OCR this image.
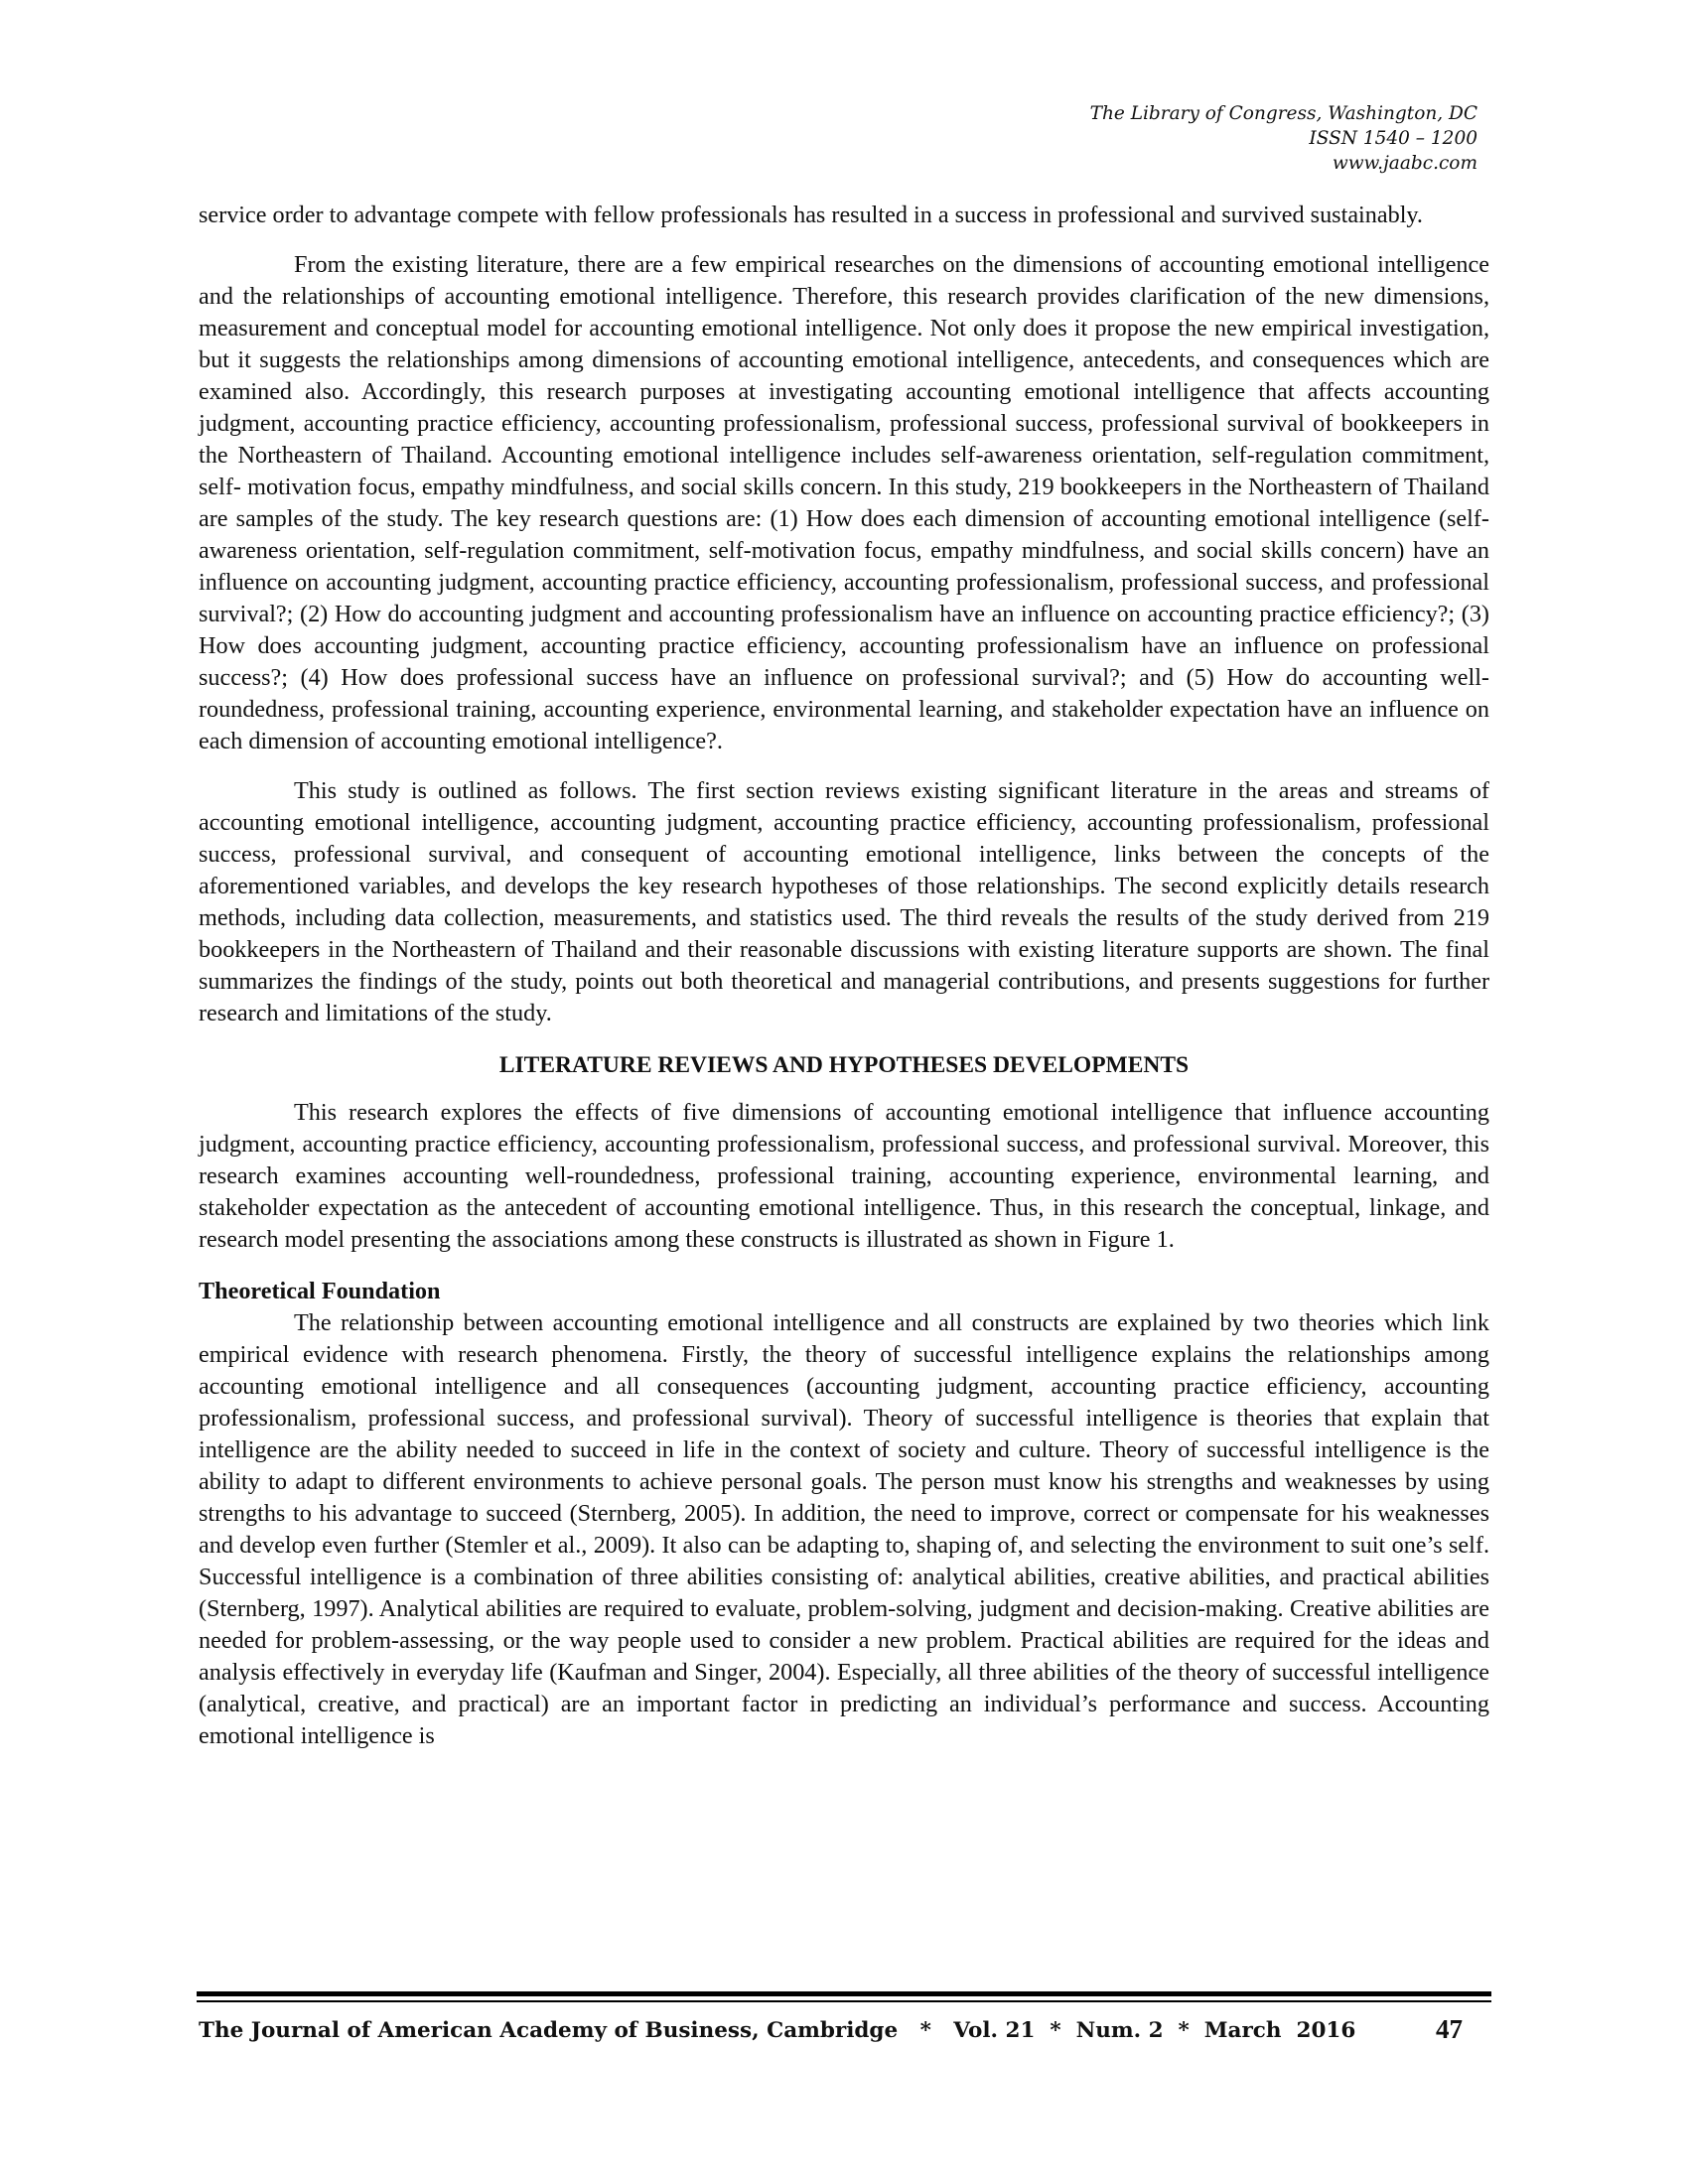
The Library of Congress, Washington, DC
ISSN 1540 – 1200
www.jaabc.com

service order to advantage compete with fellow professionals has resulted in a success in professional and survived sustainably.

From the existing literature, there are a few empirical researches on the dimensions of accounting emotional intelligence and the relationships of accounting emotional intelligence. Therefore, this research provides clarification of the new dimensions, measurement and conceptual model for accounting emotional intelligence. Not only does it propose the new empirical investigation, but it suggests the relationships among dimensions of accounting emotional intelligence, antecedents, and consequences which are examined also. Accordingly, this research purposes at investigating accounting emotional intelligence that affects accounting judgment, accounting practice efficiency, accounting professionalism, professional success, professional survival of bookkeepers in the Northeastern of Thailand. Accounting emotional intelligence includes self-awareness orientation, self-regulation commitment, self- motivation focus, empathy mindfulness, and social skills concern. In this study, 219 bookkeepers in the Northeastern of Thailand are samples of the study. The key research questions are: (1) How does each dimension of accounting emotional intelligence (self-awareness orientation, self-regulation commitment, self-motivation focus, empathy mindfulness, and social skills concern) have an influence on accounting judgment, accounting practice efficiency, accounting professionalism, professional success, and professional survival?; (2) How do accounting judgment and accounting professionalism have an influence on accounting practice efficiency?; (3) How does accounting judgment, accounting practice efficiency, accounting professionalism have an influence on professional success?; (4) How does professional success have an influence on professional survival?; and (5) How do accounting well-roundedness, professional training, accounting experience, environmental learning, and stakeholder expectation have an influence on each dimension of accounting emotional intelligence?.

This study is outlined as follows. The first section reviews existing significant literature in the areas and streams of accounting emotional intelligence, accounting judgment, accounting practice efficiency, accounting professionalism, professional success, professional survival, and consequent of accounting emotional intelligence, links between the concepts of the aforementioned variables, and develops the key research hypotheses of those relationships. The second explicitly details research methods, including data collection, measurements, and statistics used. The third reveals the results of the study derived from 219 bookkeepers in the Northeastern of Thailand and their reasonable discussions with existing literature supports are shown. The final summarizes the findings of the study, points out both theoretical and managerial contributions, and presents suggestions for further research and limitations of the study.

LITERATURE REVIEWS AND HYPOTHESES DEVELOPMENTS

This research explores the effects of five dimensions of accounting emotional intelligence that influence accounting judgment, accounting practice efficiency, accounting professionalism, professional success, and professional survival. Moreover, this research examines accounting well-roundedness, professional training, accounting experience, environmental learning, and stakeholder expectation as the antecedent of accounting emotional intelligence. Thus, in this research the conceptual, linkage, and research model presenting the associations among these constructs is illustrated as shown in Figure 1.

Theoretical Foundation

The relationship between accounting emotional intelligence and all constructs are explained by two theories which link empirical evidence with research phenomena. Firstly, the theory of successful intelligence explains the relationships among accounting emotional intelligence and all consequences (accounting judgment, accounting practice efficiency, accounting professionalism, professional success, and professional survival). Theory of successful intelligence is theories that explain that intelligence are the ability needed to succeed in life in the context of society and culture. Theory of successful intelligence is the ability to adapt to different environments to achieve personal goals. The person must know his strengths and weaknesses by using strengths to his advantage to succeed (Sternberg, 2005). In addition, the need to improve, correct or compensate for his weaknesses and develop even further (Stemler et al., 2009). It also can be adapting to, shaping of, and selecting the environment to suit one’s self. Successful intelligence is a combination of three abilities consisting of: analytical abilities, creative abilities, and practical abilities (Sternberg, 1997). Analytical abilities are required to evaluate, problem-solving, judgment and decision-making. Creative abilities are needed for problem-assessing, or the way people used to consider a new problem. Practical abilities are required for the ideas and analysis effectively in everyday life (Kaufman and Singer, 2004). Especially, all three abilities of the theory of successful intelligence (analytical, creative, and practical) are an important factor in predicting an individual’s performance and success. Accounting emotional intelligence is

The Journal of American Academy of Business, Cambridge   *   Vol. 21  *  Num. 2  *  March  2016	47
